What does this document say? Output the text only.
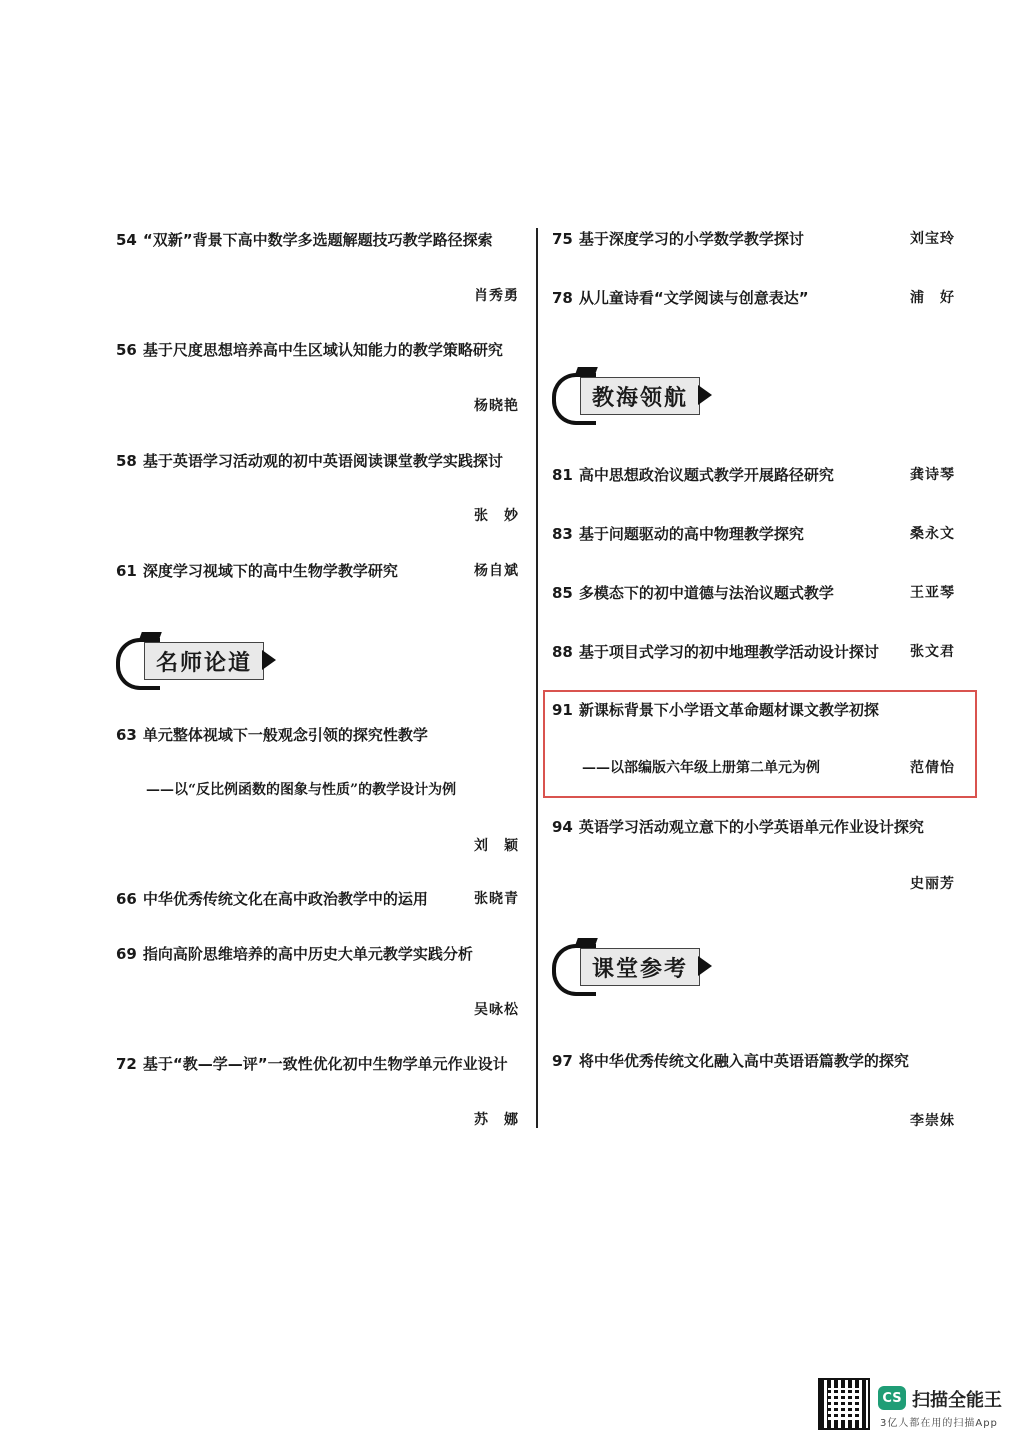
54 “双新”背景下高中数学多选题解题技巧教学路径探索
肖秀勇
56 基于尺度思想培养高中生区域认知能力的教学策略研究
杨晓艳
58 基于英语学习活动观的初中英语阅读课堂教学实践探讨
张　妙
61 深度学习视域下的高中生物学教学研究	杨自斌
名师论道
63 单元整体视域下一般观念引领的探究性教学
——以“反比例函数的图象与性质”的教学设计为例
刘　颖
66 中华优秀传统文化在高中政治教学中的运用	张晓青
69 指向高阶思维培养的高中历史大单元教学实践分析
吴咏松
72 基于“教—学—评”一致性优化初中生物学单元作业设计
苏　娜
75 基于深度学习的小学数学教学探讨	刘宝玲
78 从儿童诗看“文学阅读与创意表达”	浦　好
教海领航
81 高中思想政治议题式教学开展路径研究	龚诗琴
83 基于问题驱动的高中物理教学探究	桑永文
85 多模态下的初中道德与法治议题式教学	王亚琴
88 基于项目式学习的初中地理教学活动设计探讨 张文君
91 新课标背景下小学语文革命题材课文教学初探
——以部编版六年级上册第二单元为例	范倩怡
94 英语学习活动观立意下的小学英语单元作业设计探究
史丽芳
课堂参考
97 将中华优秀传统文化融入高中英语语篇教学的探究
李崇妹
CS 扫描全能王
3亿人都在用的扫描App
